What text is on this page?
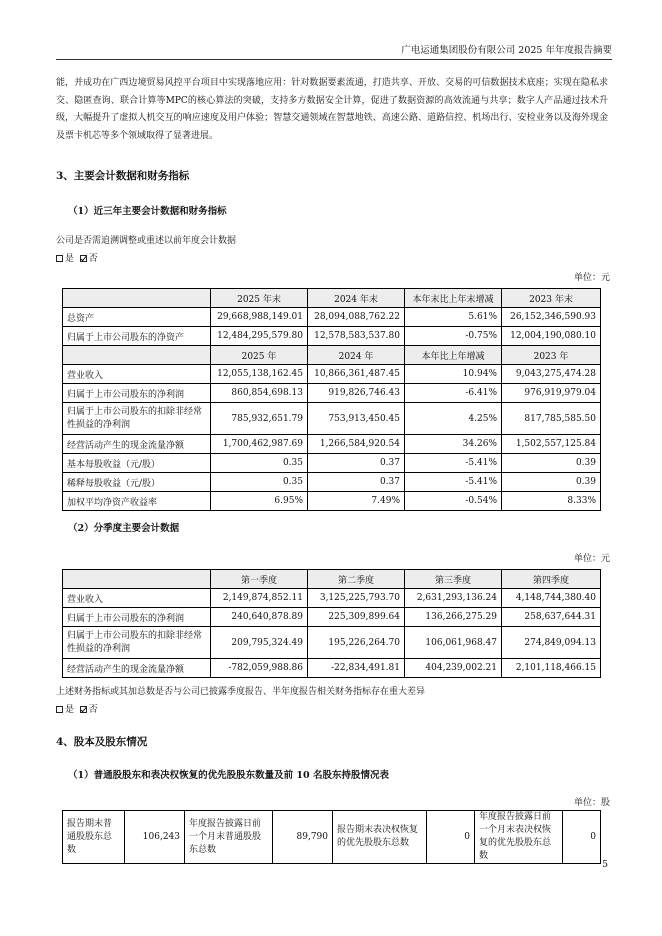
广电运通集团股份有限公司 2025 年年度报告摘要
能，并成功在广西边境贸易风控平台项目中实现落地应用：针对数据要素流通，打造共享、开放、交易的可信数据技术底座；实现在隐私求交、隐匿查询、联合计算等MPC的核心算法的突破，支持多方数据安全计算，促进了数据资源的高效流通与共享；数字人产品通过技术升级，大幅提升了虚拟人机交互的响应速度及用户体验；智慧交通领域在智慧地铁、高速公路、道路信控、机场出行、安检业务以及海外现金及票卡机芯等多个领域取得了显著进展。
3、主要会计数据和财务指标
（1）近三年主要会计数据和财务指标
公司是否需追溯调整或重述以前年度会计数据
是 否
单位：元
	2025 年末	2024 年末	本年末比上年末增减	2023 年末
总资产	29,668,988,149.01	28,094,088,762.22	5.61%	26,152,346,590.93
归属于上市公司股东的净资产	12,484,295,579.80	12,578,583,537.80	-0.75%	12,004,190,080.10
	2025 年	2024 年	本年比上年增减	2023 年
营业收入	12,055,138,162.45	10,866,361,487.45	10.94%	9,043,275,474.28
归属于上市公司股东的净利润	860,854,698.13	919,826,746.43	-6.41%	976,919,979.04
归属于上市公司股东的扣除非经常性损益的净利润	785,932,651.79	753,913,450.45	4.25%	817,785,585.50
经营活动产生的现金流量净额	1,700,462,987.69	1,266,584,920.54	34.26%	1,502,557,125.84
基本每股收益（元/股）	0.35	0.37	-5.41%	0.39
稀释每股收益（元/股）	0.35	0.37	-5.41%	0.39
加权平均净资产收益率	6.95%	7.49%	-0.54%	8.33%
（2）分季度主要会计数据
单位：元
	第一季度	第二季度	第三季度	第四季度
营业收入	2,149,874,852.11	3,125,225,793.70	2,631,293,136.24	4,148,744,380.40
归属于上市公司股东的净利润	240,640,878.89	225,309,899.64	136,266,275.29	258,637,644.31
归属于上市公司股东的扣除非经常性损益的净利润	209,795,324.49	195,226,264.70	106,061,968.47	274,849,094.13
经营活动产生的现金流量净额	-782,059,988.86	-22,834,491.81	404,239,002.21	2,101,118,466.15
上述财务指标或其加总数是否与公司已披露季度报告、半年度报告相关财务指标存在重大差异
是 否
4、股本及股东情况
（1）普通股股东和表决权恢复的优先股股东数量及前 10 名股东持股情况表
单位：股
报告期末普通股股东总数	106,243	年度报告披露日前一个月末普通股股东总数	89,790	报告期末表决权恢复的优先股股东总数	0	年度报告披露日前一个月末表决权恢复的优先股股东总数	0
5
